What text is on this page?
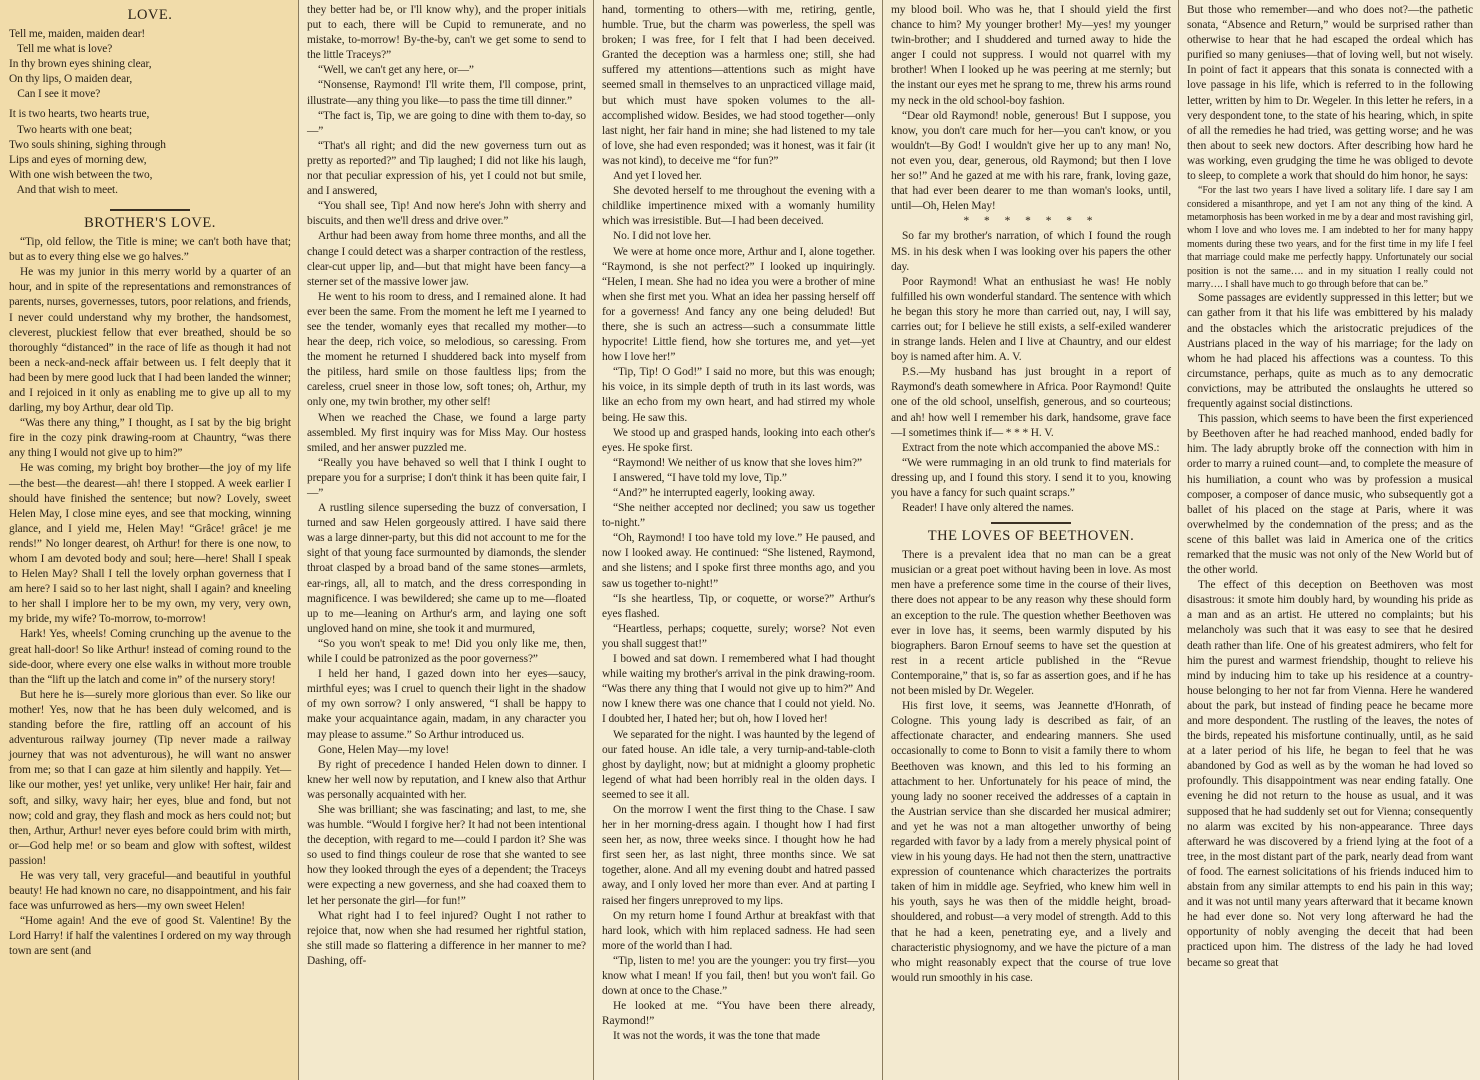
LOVE.
Tell me, maiden, maiden dear!
Tell me what is love?
In thy brown eyes shining clear,
On thy lips, O maiden dear,
Can I see it move?
It is two hearts, two hearts true,
Two hearts with one beat;
Two souls shining, sighing through
Lips and eyes of morning dew,
With one wish between the two,
And that wish to meet.
BROTHER'S LOVE.

“Tip, old fellow, the Title is mine; we can't both have that; but as to every thing else we go halves.”

He was my junior in this merry world by a quarter of an hour, and in spite of the representations and remonstrances of parents, nurses, governesses, tutors, poor relations, and friends, I never could understand why my brother, the handsomest, cleverest, pluckiest fellow that ever breathed, should be so thoroughly “distanced” in the race of life as though it had not been a neck-and-neck affair between us. I felt deeply that it had been by mere good luck that I had been landed the winner; and I rejoiced in it only as enabling me to give up all to my darling, my boy Arthur, dear old Tip.

“Was there any thing,” I thought, as I sat by the big bright fire in the cozy pink drawing-room at Chauntry, “was there any thing I would not give up to him?”

He was coming, my bright boy brother—the joy of my life—the best—the dearest—ah! there I stopped. A week earlier I should have finished the sentence; but now? Lovely, sweet Helen May, I close mine eyes, and see that mocking, winning glance, and I yield me, Helen May! “Grâce! grâce! je me rends!” No longer dearest, oh Arthur! for there is one now, to whom I am devoted body and soul; here—here! Shall I speak to Helen May? Shall I tell the lovely orphan governess that I am here? I said so to her last night, shall I again? and kneeling to her shall I implore her to be my own, my very, very own, my bride, my wife? To-morrow, to-morrow!

Hark! Yes, wheels! Coming crunching up the avenue to the great hall-door! So like Arthur! instead of coming round to the side-door, where every one else walks in without more trouble than the “lift up the latch and come in” of the nursery story!

But here he is—surely more glorious than ever. So like our mother! Yes, now that he has been duly welcomed, and is standing before the fire, rattling off an account of his adventurous railway journey (Tip never made a railway journey that was not adventurous), he will want no answer from me; so that I can gaze at him silently and happily. Yet—like our mother, yes! yet unlike, very unlike! Her hair, fair and soft, and silky, wavy hair; her eyes, blue and fond, but not now; cold and gray, they flash and mock as hers could not; but then, Arthur, Arthur! never eyes before could brim with mirth, or—God help me! or so beam and glow with softest, wildest passion!

He was very tall, very graceful—and beautiful in youthful beauty! He had known no care, no disappointment, and his fair face was unfurrowed as hers—my own sweet Helen!

“Home again! And the eve of good St. Valentine! By the Lord Harry! if half the valentines I ordered on my way through town are sent (and

they better had be, or I'll know why), and the proper initials put to each, there will be Cupid to remunerate, and no mistake, to-morrow! By-the-by, can't we get some to send to the little Traceys?”

“Well, we can't get any here, or—”

“Nonsense, Raymond! I'll write them, I'll compose, print, illustrate—any thing you like—to pass the time till dinner.”

“The fact is, Tip, we are going to dine with them to-day, so—”

“That's all right; and did the new governess turn out as pretty as reported?” and Tip laughed; I did not like his laugh, nor that peculiar expression of his, yet I could not but smile, and I answered,

“You shall see, Tip! And now here's John with sherry and biscuits, and then we'll dress and drive over.”

Arthur had been away from home three months, and all the change I could detect was a sharper contraction of the restless, clear-cut upper lip, and—but that might have been fancy—a sterner set of the massive lower jaw.

He went to his room to dress, and I remained alone. It had ever been the same. From the moment he left me I yearned to see the tender, womanly eyes that recalled my mother—to hear the deep, rich voice, so melodious, so caressing. From the moment he returned I shuddered back into myself from the pitiless, hard smile on those faultless lips; from the careless, cruel sneer in those low, soft tones; oh, Arthur, my only one, my twin brother, my other self!

When we reached the Chase, we found a large party assembled. My first inquiry was for Miss May. Our hostess smiled, and her answer puzzled me.

“Really you have behaved so well that I think I ought to prepare you for a surprise; I don't think it has been quite fair, I—”

A rustling silence superseding the buzz of conversation, I turned and saw Helen gorgeously attired. I have said there was a large dinner-party, but this did not account to me for the sight of that young face surmounted by diamonds, the slender throat clasped by a broad band of the same stones—armlets, ear-rings, all, all to match, and the dress corresponding in magnificence. I was bewildered; she came up to me—floated up to me—leaning on Arthur's arm, and laying one soft ungloved hand on mine, she took it and murmured,

“So you won't speak to me! Did you only like me, then, while I could be patronized as the poor governess?”

I held her hand, I gazed down into her eyes—saucy, mirthful eyes; was I cruel to quench their light in the shadow of my own sorrow? I only answered, “I shall be happy to make your acquaintance again, madam, in any character you may please to assume.” So Arthur introduced us.

Gone, Helen May—my love!

By right of precedence I handed Helen down to dinner. I knew her well now by reputation, and I knew also that Arthur was personally acquainted with her.

She was brilliant; she was fascinating; and last, to me, she was humble. “Would I forgive her? It had not been intentional the deception, with regard to me—could I pardon it? She was so used to find things couleur de rose that she wanted to see how they looked through the eyes of a dependent; the Traceys were expecting a new governess, and she had coaxed them to let her personate the girl—for fun!”

What right had I to feel injured? Ought I not rather to rejoice that, now when she had resumed her rightful station, she still made so flattering a difference in her manner to me? Dashing, off-

hand, tormenting to others—with me, retiring, gentle, humble. True, but the charm was powerless, the spell was broken; I was free, for I felt that I had been deceived. Granted the deception was a harmless one; still, she had suffered my attentions—attentions such as might have seemed small in themselves to an unpracticed village maid, but which must have spoken volumes to the all-accomplished widow. Besides, we had stood together—only last night, her fair hand in mine; she had listened to my tale of love, she had even responded; was it honest, was it fair (it was not kind), to deceive me “for fun?”

And yet I loved her.

She devoted herself to me throughout the evening with a childlike impertinence mixed with a womanly humility which was irresistible. But—I had been deceived.

No. I did not love her.

We were at home once more, Arthur and I, alone together. “Raymond, is she not perfect?” I looked up inquiringly. “Helen, I mean. She had no idea you were a brother of mine when she first met you. What an idea her passing herself off for a governess! And fancy any one being deluded! But there, she is such an actress—such a consummate little hypocrite! Little fiend, how she tortures me, and yet—yet how I love her!”

“Tip, Tip! O God!” I said no more, but this was enough; his voice, in its simple depth of truth in its last words, was like an echo from my own heart, and had stirred my whole being. He saw this.

We stood up and grasped hands, looking into each other's eyes. He spoke first.

“Raymond! We neither of us know that she loves him?”

I answered, “I have told my love, Tip.”

“And?” he interrupted eagerly, looking away.

“She neither accepted nor declined; you saw us together to-night.”

“Oh, Raymond! I too have told my love.” He paused, and now I looked away. He continued: “She listened, Raymond, and she listens; and I spoke first three months ago, and you saw us together to-night!”

“Is she heartless, Tip, or coquette, or worse?” Arthur's eyes flashed.

“Heartless, perhaps; coquette, surely; worse? Not even you shall suggest that!”

I bowed and sat down. I remembered what I had thought while waiting my brother's arrival in the pink drawing-room. “Was there any thing that I would not give up to him?” And now I knew there was one chance that I could not yield. No. I doubted her, I hated her; but oh, how I loved her!

We separated for the night. I was haunted by the legend of our fated house. An idle tale, a very turnip-and-table-cloth ghost by daylight, now; but at midnight a gloomy prophetic legend of what had been horribly real in the olden days. I seemed to see it all.

On the morrow I went the first thing to the Chase. I saw her in her morning-dress again. I thought how I had first seen her, as now, three weeks since. I thought how he had first seen her, as last night, three months since. We sat together, alone. And all my evening doubt and hatred passed away, and I only loved her more than ever. And at parting I raised her fingers unreproved to my lips.

On my return home I found Arthur at breakfast with that hard look, which with him replaced sadness. He had seen more of the world than I had.

“Tip, listen to me! you are the younger: you try first—you know what I mean! If you fail, then! but you won't fail. Go down at once to the Chase.”

He looked at me. “You have been there already, Raymond!”

It was not the words, it was the tone that made

my blood boil. Who was he, that I should yield the first chance to him? My younger brother! My—yes! my younger twin-brother; and I shuddered and turned away to hide the anger I could not suppress. I would not quarrel with my brother! When I looked up he was peering at me sternly; but the instant our eyes met he sprang to me, threw his arms round my neck in the old school-boy fashion.

“Dear old Raymond! noble, generous! But I suppose, you know, you don't care much for her—you can't know, or you wouldn't—By God! I wouldn't give her up to any man! No, not even you, dear, generous, old Raymond; but then I love her so!” And he gazed at me with his rare, frank, loving gaze, that had ever been dearer to me than woman's looks, until, until—Oh, Helen May!

* * * * * * *

So far my brother's narration, of which I found the rough MS. in his desk when I was looking over his papers the other day.

Poor Raymond! What an enthusiast he was! He nobly fulfilled his own wonderful standard. The sentence with which he began this story he more than carried out, nay, I will say, carries out; for I believe he still exists, a self-exiled wanderer in strange lands. Helen and I live at Chauntry, and our eldest boy is named after him. A. V.

P.S.—My husband has just brought in a report of Raymond's death somewhere in Africa. Poor Raymond! Quite one of the old school, unselfish, generous, and so courteous; and ah! how well I remember his dark, handsome, grave face—I sometimes think if— * * * H. V.

Extract from the note which accompanied the above MS.:

“We were rummaging in an old trunk to find materials for dressing up, and I found this story. I send it to you, knowing you have a fancy for such quaint scraps.”

Reader! I have only altered the names.

THE LOVES OF BEETHOVEN.

There is a prevalent idea that no man can be a great musician or a great poet without having been in love. As most men have a preference some time in the course of their lives, there does not appear to be any reason why these should form an exception to the rule. The question whether Beethoven was ever in love has, it seems, been warmly disputed by his biographers. Baron Ernouf seems to have set the question at rest in a recent article published in the “Revue Contemporaine,” that is, so far as assertion goes, and if he has not been misled by Dr. Wegeler.

His first love, it seems, was Jeannette d'Honrath, of Cologne. This young lady is described as fair, of an affectionate character, and endearing manners. She used occasionally to come to Bonn to visit a family there to whom Beethoven was known, and this led to his forming an attachment to her. Unfortunately for his peace of mind, the young lady no sooner received the addresses of a captain in the Austrian service than she discarded her musical admirer; and yet he was not a man altogether unworthy of being regarded with favor by a lady from a merely physical point of view in his young days. He had not then the stern, unattractive expression of countenance which characterizes the portraits taken of him in middle age. Seyfried, who knew him well in his youth, says he was then of the middle height, broad-shouldered, and robust—a very model of strength. Add to this that he had a keen, penetrating eye, and a lively and characteristic physiognomy, and we have the picture of a man who might reasonably expect that the course of true love would run smoothly in his case.

But those who remember—and who does not?—the pathetic sonata, “Absence and Return,” would be surprised rather than otherwise to hear that he had escaped the ordeal which has purified so many geniuses—that of loving well, but not wisely. In point of fact it appears that this sonata is connected with a love passage in his life, which is referred to in the following letter, written by him to Dr. Wegeler. In this letter he refers, in a very despondent tone, to the state of his hearing, which, in spite of all the remedies he had tried, was getting worse; and he was then about to seek new doctors. After describing how hard he was working, even grudging the time he was obliged to devote to sleep, to complete a work that should do him honor, he says:

“For the last two years I have lived a solitary life. I dare say I am considered a misanthrope, and yet I am not any thing of the kind. A metamorphosis has been worked in me by a dear and most ravishing girl, whom I love and who loves me. I am indebted to her for many happy moments during these two years, and for the first time in my life I feel that marriage could make me perfectly happy. Unfortunately our social position is not the same…. and in my situation I really could not marry…. I shall have much to go through before that can be.”

Some passages are evidently suppressed in this letter; but we can gather from it that his life was embittered by his malady and the obstacles which the aristocratic prejudices of the Austrians placed in the way of his marriage; for the lady on whom he had placed his affections was a countess. To this circumstance, perhaps, quite as much as to any democratic convictions, may be attributed the onslaughts he uttered so frequently against social distinctions.

This passion, which seems to have been the first experienced by Beethoven after he had reached manhood, ended badly for him. The lady abruptly broke off the connection with him in order to marry a ruined count—and, to complete the measure of his humiliation, a count who was by profession a musical composer, a composer of dance music, who subsequently got a ballet of his placed on the stage at Paris, where it was overwhelmed by the condemnation of the press; and as the scene of this ballet was laid in America one of the critics remarked that the music was not only of the New World but of the other world.

The effect of this deception on Beethoven was most disastrous: it smote him doubly hard, by wounding his pride as a man and as an artist. He uttered no complaints; but his melancholy was such that it was easy to see that he desired death rather than life. One of his greatest admirers, who felt for him the purest and warmest friendship, thought to relieve his mind by inducing him to take up his residence at a country-house belonging to her not far from Vienna. Here he wandered about the park, but instead of finding peace he became more and more despondent. The rustling of the leaves, the notes of the birds, repeated his misfortune continually, until, as he said at a later period of his life, he began to feel that he was abandoned by God as well as by the woman he had loved so profoundly. This disappointment was near ending fatally. One evening he did not return to the house as usual, and it was supposed that he had suddenly set out for Vienna; consequently no alarm was excited by his non-appearance. Three days afterward he was discovered by a friend lying at the foot of a tree, in the most distant part of the park, nearly dead from want of food. The earnest solicitations of his friends induced him to abstain from any similar attempts to end his pain in this way; and it was not until many years afterward that it became known he had ever done so. Not very long afterward he had the opportunity of nobly avenging the deceit that had been practiced upon him. The distress of the lady he had loved became so great that
